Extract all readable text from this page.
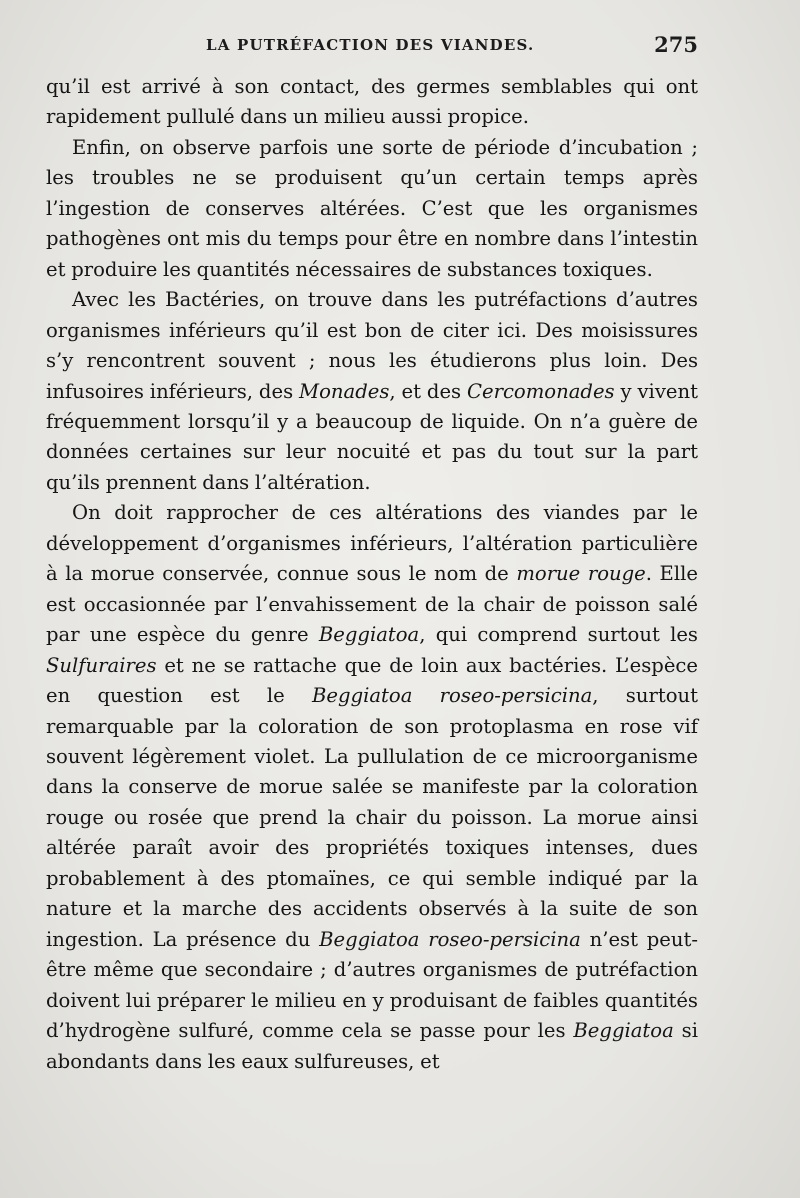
LA PUTRÉFACTION DES VIANDES.	275

qu’il est arrivé à son contact, des germes semblables qui ont rapidement pullulé dans un milieu aussi propice.

Enfin, on observe parfois une sorte de période d’incubation ; les troubles ne se produisent qu’un certain temps après l’ingestion de conserves altérées. C’est que les organismes pathogènes ont mis du temps pour être en nombre dans l’intestin et produire les quantités nécessaires de substances toxiques.

Avec les Bactéries, on trouve dans les putréfactions d’autres organismes inférieurs qu’il est bon de citer ici. Des moisissures s’y rencontrent souvent ; nous les étudierons plus loin. Des infusoires inférieurs, des Monades, et des Cercomonades y vivent fréquemment lorsqu’il y a beaucoup de liquide. On n’a guère de données certaines sur leur nocuité et pas du tout sur la part qu’ils prennent dans l’altération.

On doit rapprocher de ces altérations des viandes par le développement d’organismes inférieurs, l’altération particulière à la morue conservée, connue sous le nom de morue rouge. Elle est occasionnée par l’envahissement de la chair de poisson salé par une espèce du genre Beggiatoa, qui comprend surtout les Sulfuraires et ne se rattache que de loin aux bactéries. L’espèce en question est le Beggiatoa roseo-persicina, surtout remarquable par la coloration de son protoplasma en rose vif souvent légèrement violet. La pullulation de ce microorganisme dans la conserve de morue salée se manifeste par la coloration rouge ou rosée que prend la chair du poisson. La morue ainsi altérée paraît avoir des propriétés toxiques intenses, dues probablement à des ptomaïnes, ce qui semble indiqué par la nature et la marche des accidents observés à la suite de son ingestion. La présence du Beggiatoa roseo-persicina n’est peut-être même que secondaire ; d’autres organismes de putréfaction doivent lui préparer le milieu en y produisant de faibles quantités d’hydrogène sulfuré, comme cela se passe pour les Beggiatoa si abondants dans les eaux sulfureuses, et
